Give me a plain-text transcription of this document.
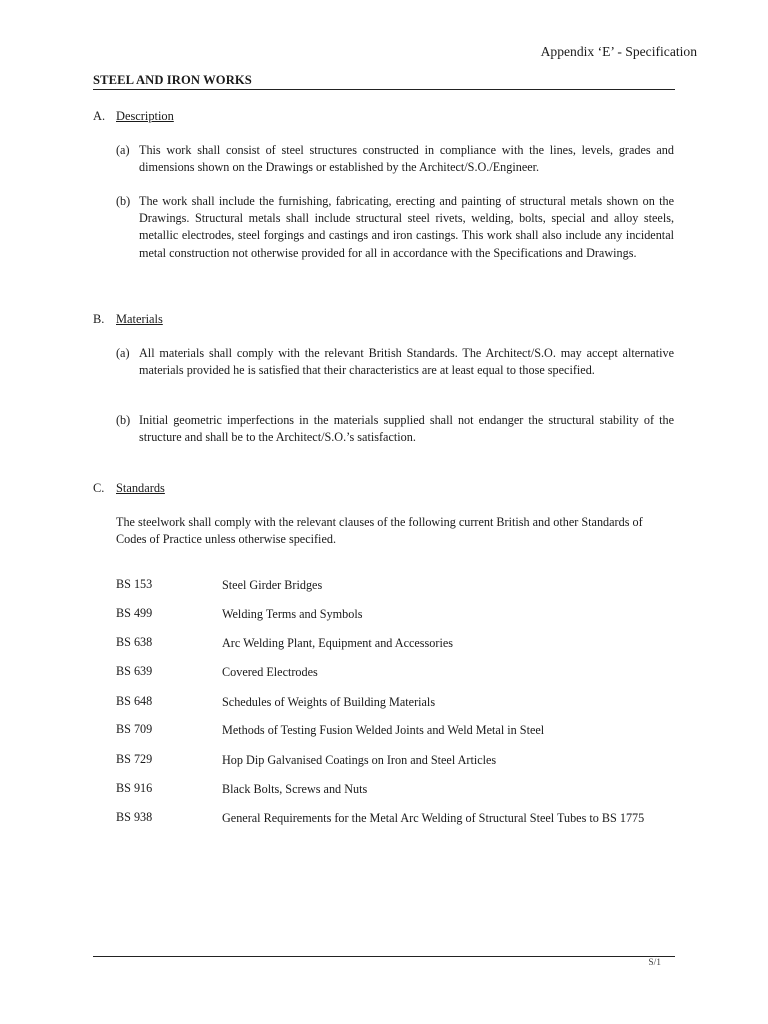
Appendix ‘E’ - Specification
STEEL AND IRON WORKS
A. Description
(a) This work shall consist of steel structures constructed in compliance with the lines, levels, grades and dimensions shown on the Drawings or established by the Architect/S.O./Engineer.
(b) The work shall include the furnishing, fabricating, erecting and painting of structural metals shown on the Drawings. Structural metals shall include structural steel rivets, welding, bolts, special and alloy steels, metallic electrodes, steel forgings and castings and iron castings. This work shall also include any incidental metal construction not otherwise provided for all in accordance with the Specifications and Drawings.
B. Materials
(a) All materials shall comply with the relevant British Standards. The Architect/S.O. may accept alternative materials provided he is satisfied that their characteristics are at least equal to those specified.
(b) Initial geometric imperfections in the materials supplied shall not endanger the structural stability of the structure and shall be to the Architect/S.O.’s satisfaction.
C. Standards
The steelwork shall comply with the relevant clauses of the following current British and other Standards of Codes of Practice unless otherwise specified.
BS 153	Steel Girder Bridges
BS 499	Welding Terms and Symbols
BS 638	Arc Welding Plant, Equipment and Accessories
BS 639	Covered Electrodes
BS 648	Schedules of Weights of Building Materials
BS 709	Methods of Testing Fusion Welded Joints and Weld Metal in Steel
BS 729	Hop Dip Galvanised Coatings on Iron and Steel Articles
BS 916	Black Bolts, Screws and Nuts
BS 938	General Requirements for the Metal Arc Welding of Structural Steel Tubes to BS 1775
S/1
